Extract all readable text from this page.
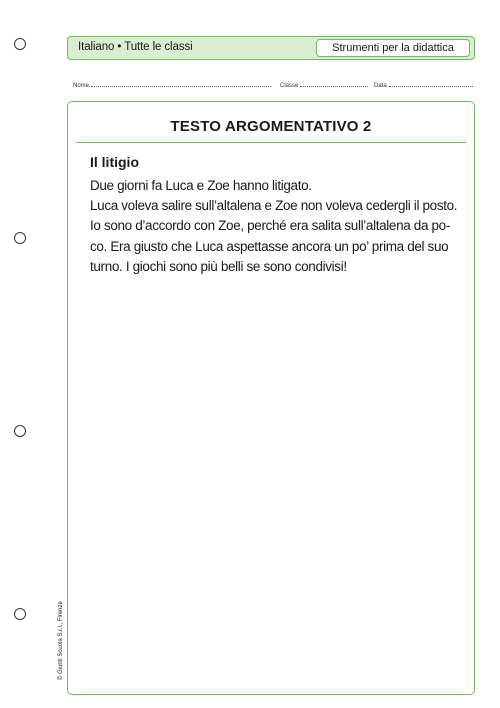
Italiano • Tutte le classi	Strumenti per la didattica
Nome	Classe	Data
TESTO ARGOMENTATIVO 2
Il litigio
Due giorni fa Luca e Zoe hanno litigato.
Luca voleva salire sull’altalena e Zoe non voleva cedergli il posto.
Io sono d’accordo con Zoe, perché era salita sull’altalena da po-
co. Era giusto che Luca aspettasse ancora un po’ prima del suo
turno. I giochi sono più belli se sono condivisi!
© Giunti Scuola S.r.l., Firenze
